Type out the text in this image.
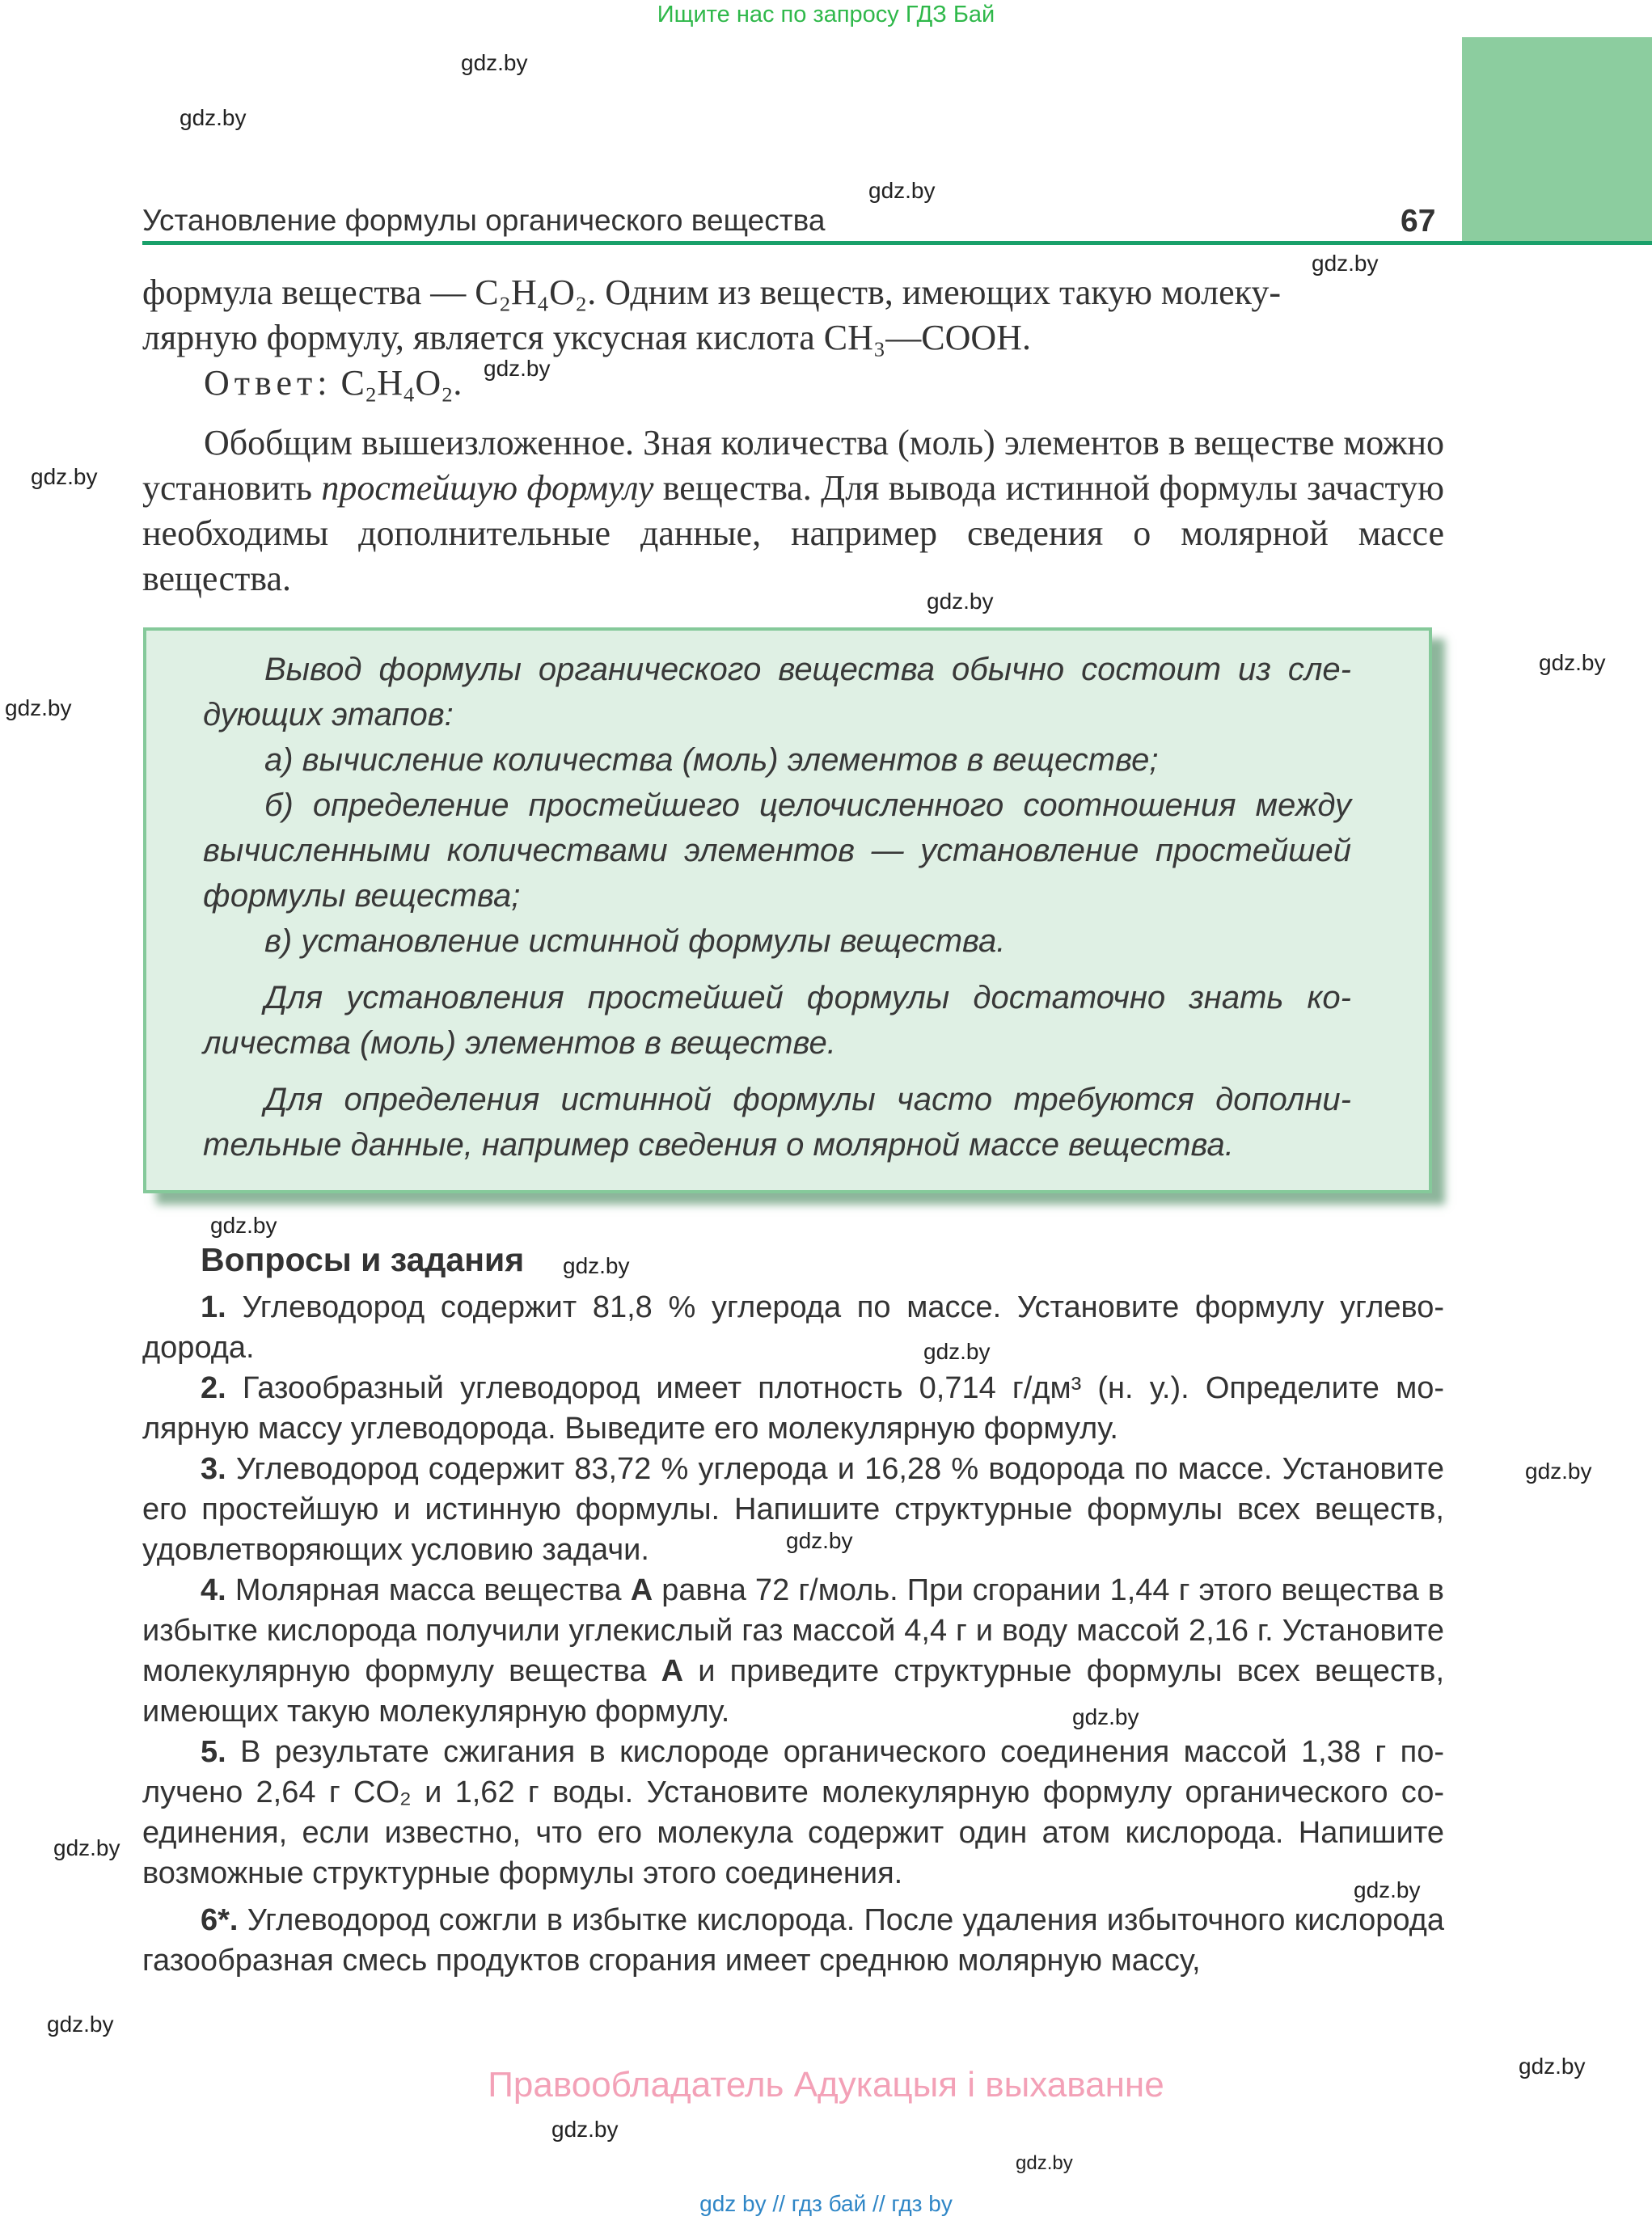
Ищите нас по запросу ГДЗ Бай
Установление формулы органического вещества	67
gdz.by
gdz.by
gdz.by
gdz.by
gdz.by
gdz.by
gdz.by
gdz.by
gdz.by
gdz.by
gdz.by
gdz.by
gdz.by
gdz.by
gdz.by
gdz.by
gdz.by
gdz.by
gdz.by
gdz.by
gdz.by
формула вещества — C₂H₄O₂. Одним из веществ, имеющих такую молеку-
лярную формулу, является уксусная кислота CH₃—COOH.
Ответ: C₂H₄O₂.
Обобщим вышеизложенное. Зная количества (моль) элементов в веществе можно установить простейшую формулу вещества. Для вывода истинной формулы зачастую необходимы дополнительные данные, например сведения о молярной массе вещества.
Вывод формулы органического вещества обычно состоит из следующих этапов:
а) вычисление количества (моль) элементов в веществе;
б) определение простейшего целочисленного соотношения между вычисленными количествами элементов — установление простейшей формулы вещества;
в) установление истинной формулы вещества.
Для установления простейшей формулы достаточно знать количества (моль) элементов в веществе.
Для определения истинной формулы часто требуются дополнительные данные, например сведения о молярной массе вещества.
Вопросы и задания
1. Углеводород содержит 81,8 % углерода по массе. Установите формулу углеводорода.
2. Газообразный углеводород имеет плотность 0,714 г/дм³ (н. у.). Определите молярную массу углеводорода. Выведите его молекулярную формулу.
3. Углеводород содержит 83,72 % углерода и 16,28 % водорода по массе. Установите его простейшую и истинную формулы. Напишите структурные формулы всех веществ, удовлетворяющих условию задачи.
4. Молярная масса вещества А равна 72 г/моль. При сгорании 1,44 г этого вещества в избытке кислорода получили углекислый газ массой 4,4 г и воду массой 2,16 г. Установите молекулярную формулу вещества А и приведите структурные формулы всех веществ, имеющих такую молекулярную формулу.
5. В результате сжигания в кислороде органического соединения массой 1,38 г получено 2,64 г CO₂ и 1,62 г воды. Установите молекулярную формулу органического соединения, если известно, что его молекула содержит один атом кислорода. Напишите возможные структурные формулы этого соединения.
6*. Углеводород сожгли в избытке кислорода. После удаления избыточного кислорода газообразная смесь продуктов сгорания имеет среднюю молярную массу,
Правообладатель Адукацыя і выхаванне
gdz by // гдз бай // гдз by
